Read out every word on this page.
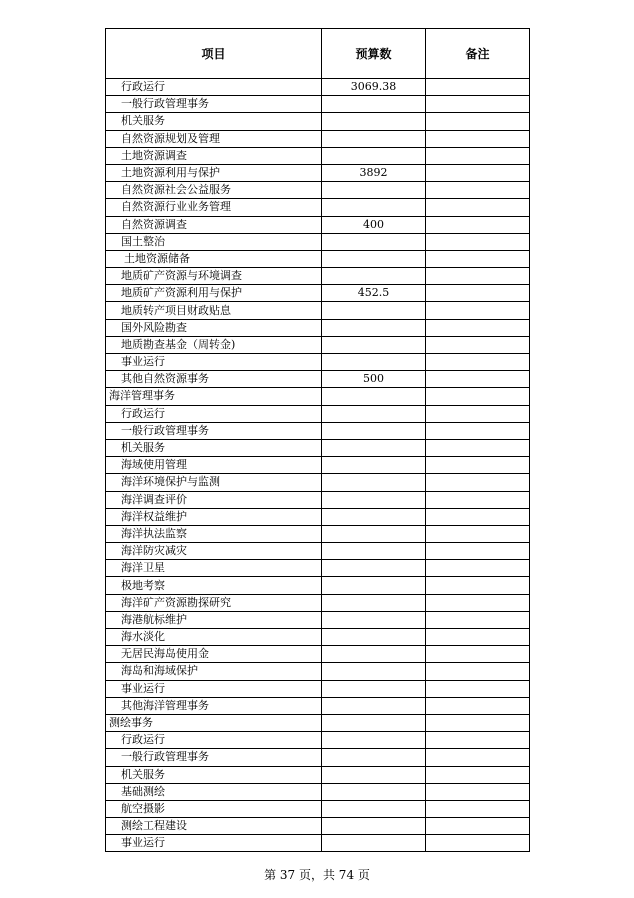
项目	预算数	备注
行政运行	3069.38	
一般行政管理事务		
机关服务		
自然资源规划及管理		
土地资源调查		
土地资源利用与保护	3892	
自然资源社会公益服务		
自然资源行业业务管理		
自然资源调查	400	
国土整治		
土地资源储备		
地质矿产资源与环境调查		
地质矿产资源利用与保护	452.5	
地质转产项目财政贴息		
国外风险勘查		
地质勘查基金（周转金)		
事业运行		
其他自然资源事务	500	
海洋管理事务		
行政运行		
一般行政管理事务		
机关服务		
海域使用管理		
海洋环境保护与监测		
海洋调查评价		
海洋权益维护		
海洋执法监察		
海洋防灾减灾		
海洋卫星		
极地考察		
海洋矿产资源勘探研究		
海港航标维护		
海水淡化		
无居民海岛使用金		
海岛和海域保护		
事业运行		
其他海洋管理事务		
测绘事务		
行政运行		
一般行政管理事务		
机关服务		
基础测绘		
航空摄影		
测绘工程建设		
事业运行		
第 37 页，共 74 页
